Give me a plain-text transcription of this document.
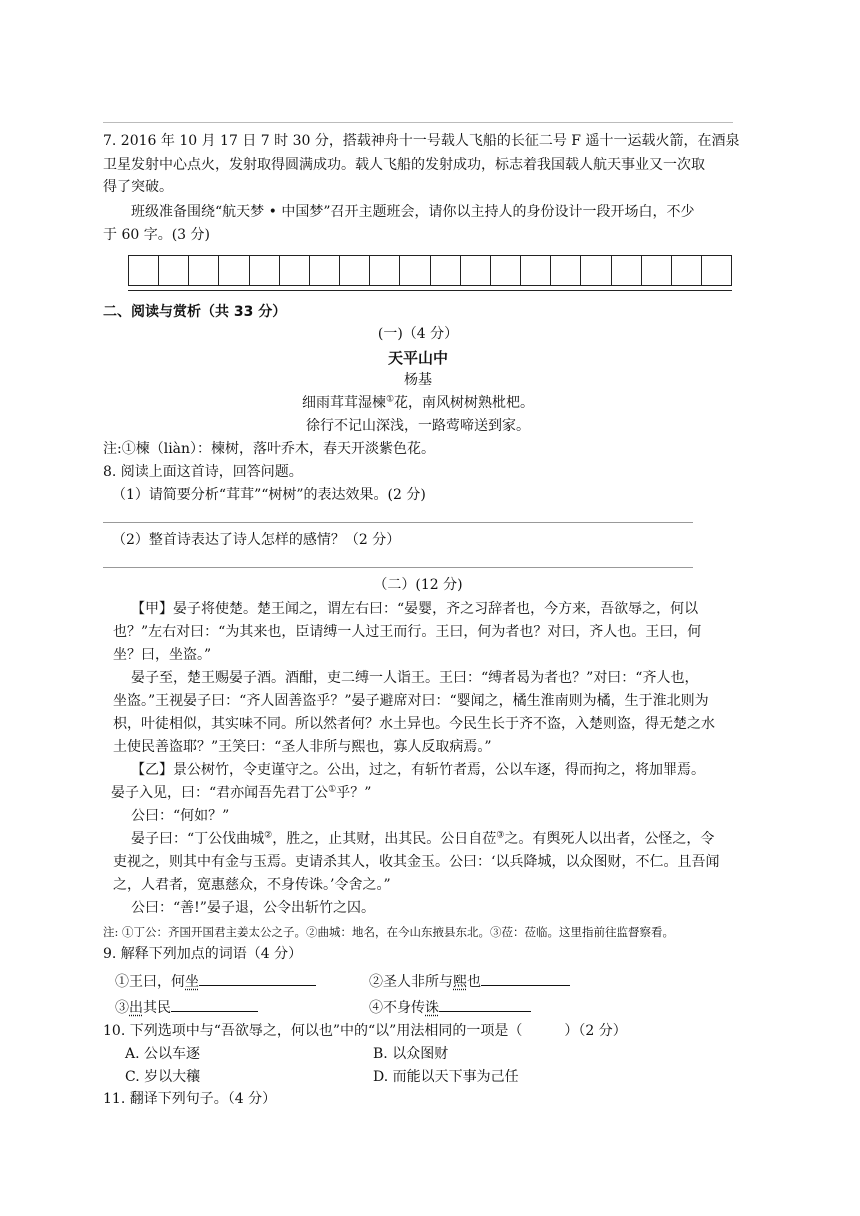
7. 2016 年 10 月 17 日 7 时 30 分，搭载神舟十一号载人飞船的长征二号 F 遥十一运载火箭，在酒泉
卫星发射中心点火，发射取得圆满成功。载人飞船的发射成功，标志着我国载人航天事业又一次取
得了突破。
班级准备围绕“航天梦 • 中国梦”召开主题班会，请你以主持人的身份设计一段开场白，不少
于 60 字。(3 分)
二、阅读与赏析（共 33 分）
(一)（4 分）
天平山中
杨基
细雨茸茸湿楝①花，南风树树熟枇杷。
徐行不记山深浅，一路莺啼送到家。
注:①楝（liàn）：楝树，落叶乔木，春天开淡紫色花。
8. 阅读上面这首诗，回答问题。
（1）请简要分析“茸茸”“树树”的表达效果。(2 分)
（2）整首诗表达了诗人怎样的感情？（2 分）
（二）(12 分)
【甲】晏子将使楚。楚王闻之，谓左右曰：“晏婴，齐之习辞者也，今方来，吾欲辱之，何以
也？”左右对曰：“为其来也，臣请缚一人过王而行。王曰，何为者也？对曰，齐人也。王曰，何
坐？曰，坐盗。”
晏子至，楚王赐晏子酒。酒酣，吏二缚一人诣王。王曰：“缚者曷为者也？”对曰：“齐人也，
坐盗。”王视晏子曰：“齐人固善盗乎？”晏子避席对曰：“婴闻之，橘生淮南则为橘，生于淮北则为
枳，叶徒相似，其实味不同。所以然者何？水土异也。今民生长于齐不盗，入楚则盗，得无楚之水
土使民善盗耶？”王笑曰：“圣人非所与熙也，寡人反取病焉。”
【乙】景公树竹，令吏谨守之。公出，过之，有斩竹者焉，公以车逐，得而拘之，将加罪焉。
晏子入见，曰：“君亦闻吾先君丁公①乎？”
公曰：“何如？”
晏子曰：“丁公伐曲城②，胜之，止其财，出其民。公日自莅③之。有舆死人以出者，公怪之，令
吏视之，则其中有金与玉焉。吏请杀其人，收其金玉。公曰：‘以兵降城，以众图财，不仁。且吾闻
之，人君者，宽惠慈众，不身传诛。’令舍之。”
公曰：“善!”晏子退，公令出斩竹之囚。
注: ①丁公：齐国开国君主姜太公之子。②曲城：地名，在今山东掖县东北。③莅：莅临。这里指前往监督察看。
9. 解释下列加点的词语（4 分）
①王曰，何坐	②圣人非所与熙也
③出其民	④不身传诛
10. 下列选项中与“吾欲辱之，何以也”中的“以”用法相同的一项是（　　　）（2 分）
A. 公以车逐	B. 以众图财
C. 岁以大穰	D. 而能以天下事为己任
11. 翻译下列句子。（4 分）
